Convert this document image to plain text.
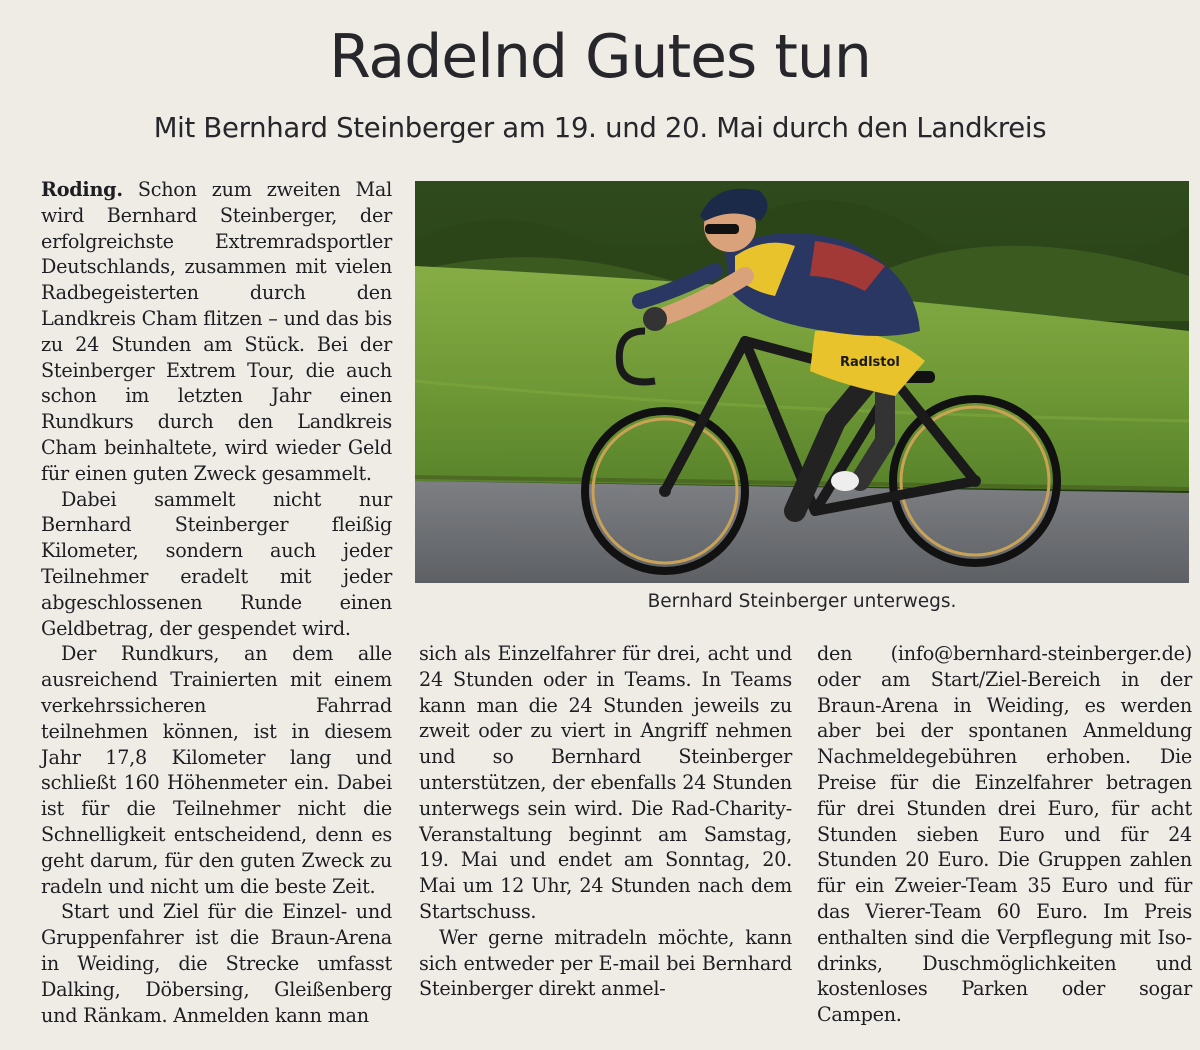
Radelnd Gutes tun
Mit Bernhard Steinberger am 19. und 20. Mai durch den Landkreis

Roding. Schon zum zweiten Mal wird Bernhard Steinberger, der erfolgreichste Extremradsportler Deutschlands, zusammen mit vielen Radbegeisterten durch den Landkreis Cham flitzen – und das bis zu 24 Stunden am Stück. Bei der Steinberger Extrem Tour, die auch schon im letzten Jahr einen Rundkurs durch den Landkreis Cham beinhaltete, wird wieder Geld für einen guten Zweck gesammelt.

Dabei sammelt nicht nur Bernhard Steinberger fleißig Kilometer, sondern auch jeder Teilnehmer eradelt mit jeder abgeschlossenen Runde einen Geldbetrag, der gespendet wird.

Der Rundkurs, an dem alle ausreichend Trainierten mit einem verkehrssicheren Fahrrad teilnehmen können, ist in diesem Jahr 17,8 Kilometer lang und schließt 160 Höhenmeter ein. Dabei ist für die Teilnehmer nicht die Schnelligkeit entscheidend, denn es geht darum, für den guten Zweck zu radeln und nicht um die beste Zeit.

Start und Ziel für die Einzel- und Gruppenfahrer ist die Braun-Arena in Weiding, die Strecke umfasst Dalking, Döbersing, Gleißenberg und Ränkam. Anmelden kann man

sich als Einzelfahrer für drei, acht und 24 Stunden oder in Teams. In Teams kann man die 24 Stunden jeweils zu zweit oder zu viert in Angriff nehmen und so Bernhard Steinberger unterstützen, der ebenfalls 24 Stunden unterwegs sein wird. Die Rad-Charity-Veranstaltung beginnt am Samstag, 19. Mai und endet am Sonntag, 20. Mai um 12 Uhr, 24 Stunden nach dem Startschuss.

Wer gerne mitradeln möchte, kann sich entweder per E-mail bei Bernhard Steinberger direkt anmel-

den (info@bernhard-steinberger.de) oder am Start/Ziel-Bereich in der Braun-Arena in Weiding, es werden aber bei der spontanen Anmeldung Nachmeldegebühren erhoben. Die Preise für die Einzelfahrer betragen für drei Stunden drei Euro, für acht Stunden sieben Euro und für 24 Stunden 20 Euro. Die Gruppen zahlen für ein Zweier-Team 35 Euro und für das Vierer-Team 60 Euro. Im Preis enthalten sind die Verpflegung mit Iso-drinks, Duschmöglichkeiten und kostenloses Parken oder sogar Campen.

Radlstol
Bernhard Steinberger unterwegs.
